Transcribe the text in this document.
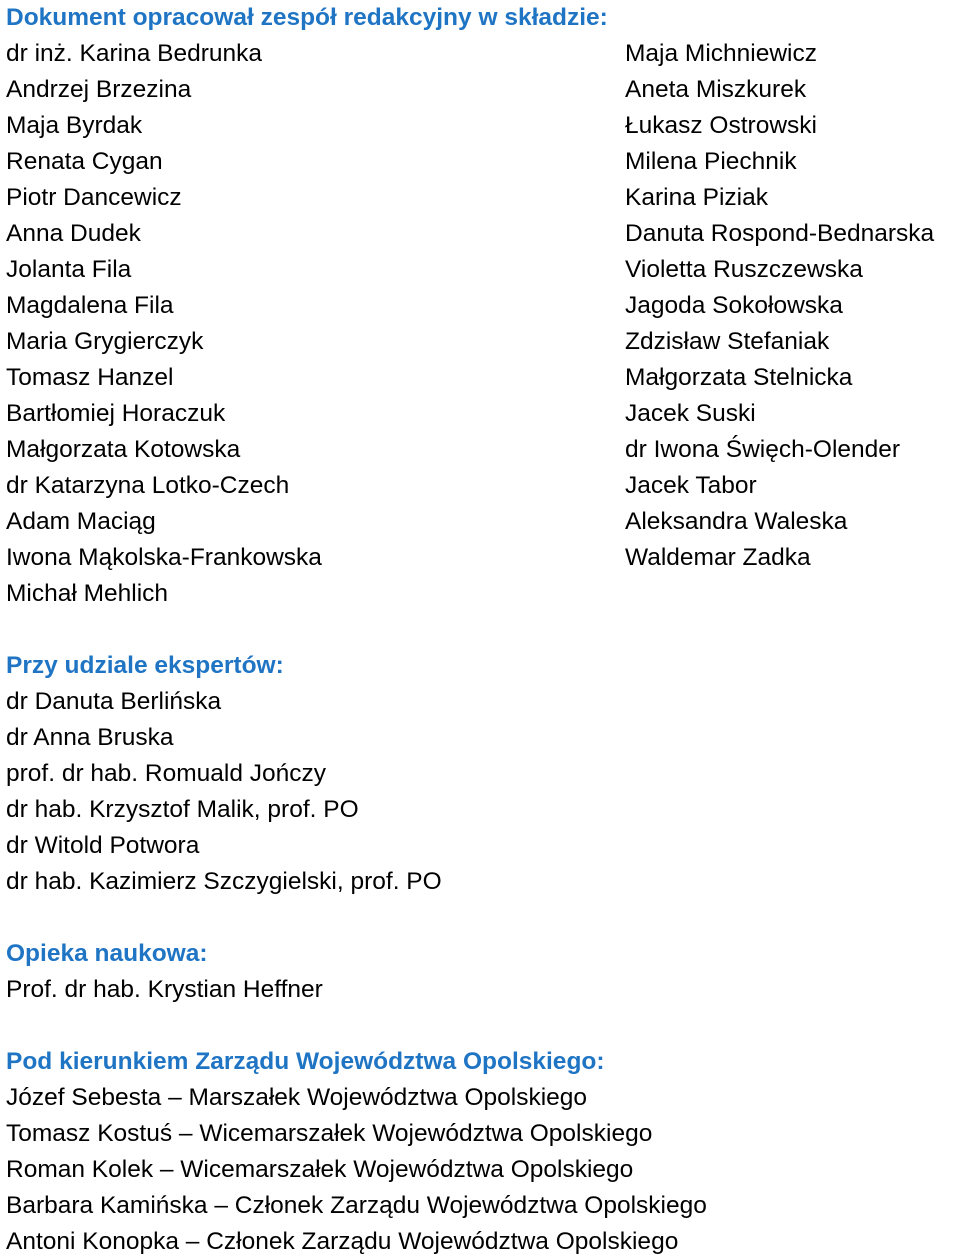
Dokument opracował zespół redakcyjny w składzie:
dr inż. Karina Bedrunka
Andrzej Brzezina
Maja Byrdak
Renata Cygan
Piotr Dancewicz
Anna Dudek
Jolanta Fila
Magdalena Fila
Maria Grygierczyk
Tomasz Hanzel
Bartłomiej Horaczuk
Małgorzata Kotowska
dr Katarzyna Lotko-Czech
Adam Maciąg
Iwona Mąkolska-Frankowska
Michał Mehlich
Maja Michniewicz
Aneta Miszkurek
Łukasz Ostrowski
Milena Piechnik
Karina Piziak
Danuta Rospond-Bednarska
Violetta Ruszczewska
Jagoda Sokołowska
Zdzisław Stefaniak
Małgorzata Stelnicka
Jacek Suski
dr Iwona Święch-Olender
Jacek Tabor
Aleksandra Waleska
Waldemar Zadka
Przy udziale ekspertów:
dr Danuta Berlińska
dr Anna Bruska
prof. dr hab. Romuald Jończy
dr hab. Krzysztof Malik, prof. PO
dr Witold Potwora
dr hab. Kazimierz Szczygielski, prof. PO
Opieka naukowa:
Prof. dr hab. Krystian Heffner
Pod kierunkiem Zarządu Województwa Opolskiego:
Józef Sebesta – Marszałek Województwa Opolskiego
Tomasz Kostuś – Wicemarszałek Województwa Opolskiego
Roman Kolek – Wicemarszałek Województwa Opolskiego
Barbara Kamińska – Członek Zarządu Województwa Opolskiego
Antoni Konopka – Członek Zarządu Województwa Opolskiego
